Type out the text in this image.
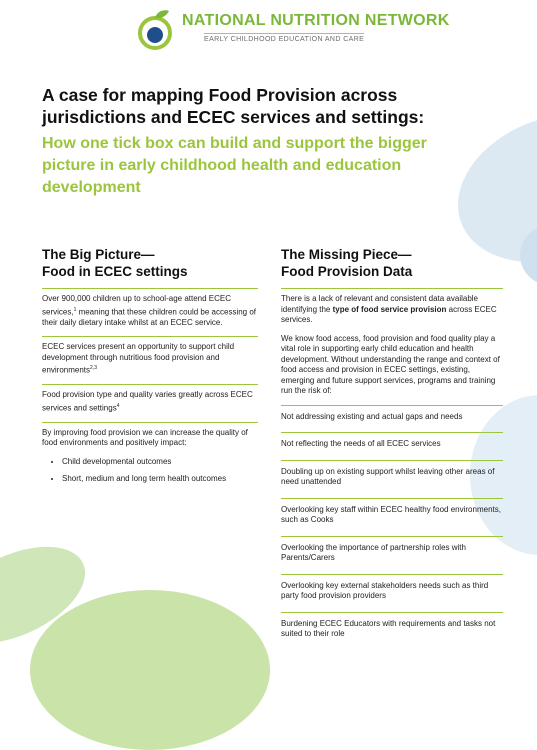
NATIONAL NUTRITION NETWORK
EARLY CHILDHOOD EDUCATION AND CARE
A case for mapping Food Provision across jurisdictions and ECEC services and settings:

How one tick box can build and support the bigger picture in early childhood health and education development

The Big Picture—
Food in ECEC settings

Over 900,000 children up to school-age attend ECEC services,$^1$ meaning that these children could be accessing of their daily dietary intake whilst at an ECEC service.

ECEC services present an opportunity to support child development through nutritious food provision and environments$^{2,3}$

Food provision type and quality varies greatly across ECEC services and settings$^4$

By improving food provision we can increase the quality of food environments and positively impact:

• Child developmental outcomes
• Short, medium and long term health outcomes
The Missing Piece—
Food Provision Data

There is a lack of relevant and consistent data available identifying the type of food service provision across ECEC services.

We know food access, food provision and food quality play a vital role in supporting early child education and health development. Without understanding the range and context of food access and provision in ECEC settings, existing, emerging and future support services, programs and training run the risk of:

Not addressing existing and actual gaps and needs

Not reflecting the needs of all ECEC services

Doubling up on existing support whilst leaving other areas of need unattended

Overlooking key staff within ECEC healthy food environments, such as Cooks

Overlooking the importance of partnership roles with Parents/Carers

Overlooking key external stakeholders needs such as third party food provision providers

Burdening ECEC Educators with requirements and tasks not suited to their role
